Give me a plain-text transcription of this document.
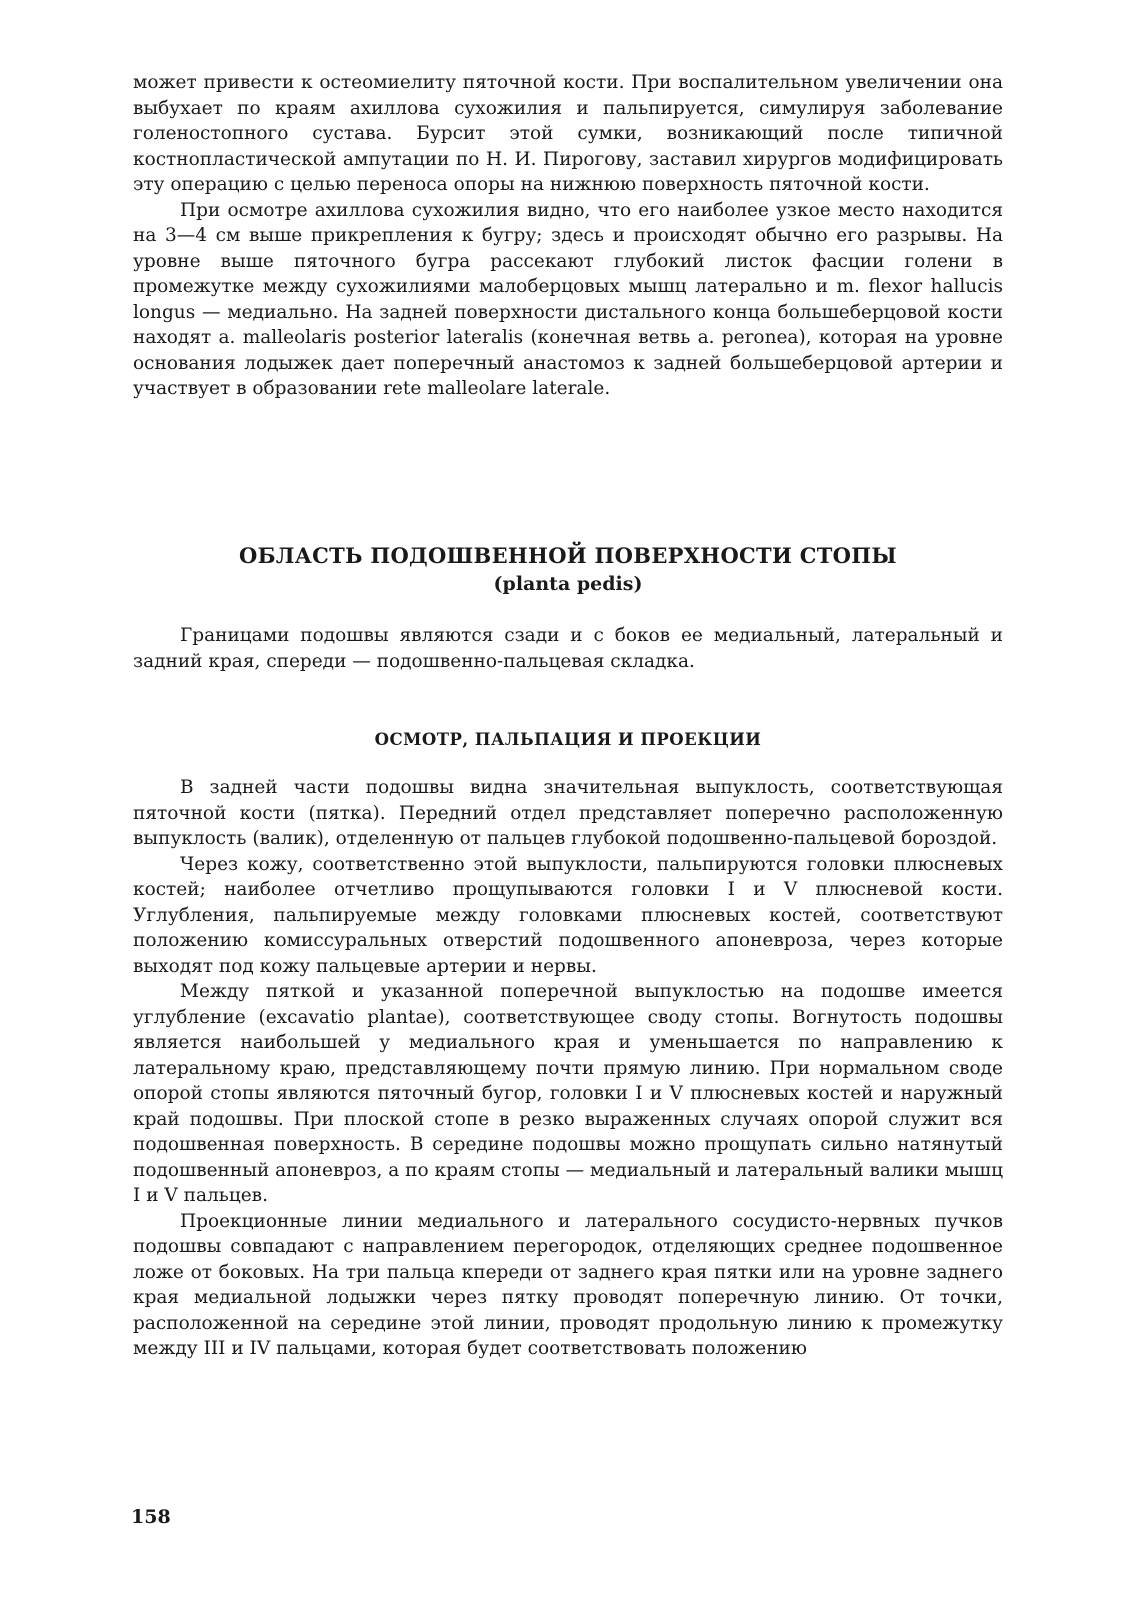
может привести к остеомиелиту пяточной кости. При воспалительном увеличении она выбухает по краям ахиллова сухожилия и пальпируется, симулируя заболевание голеностопного сустава. Бурсит этой сумки, возникающий после типичной костнопластической ампутации по Н. И. Пирогову, заставил хирургов модифицировать эту операцию с целью переноса опоры на нижнюю поверхность пяточной кости.

При осмотре ахиллова сухожилия видно, что его наиболее узкое место находится на 3—4 см выше прикрепления к бугру; здесь и происходят обычно его разрывы. На уровне выше пяточного бугра рассекают глубокий листок фасции голени в промежутке между сухожилиями малоберцовых мышц латерально и m. flexor hallucis longus — медиально. На задней поверхности дистального конца большеберцовой кости находят a. malleolaris posterior lateralis (конечная ветвь a. peronea), которая на уровне основания лодыжек дает поперечный анастомоз к задней большеберцовой артерии и участвует в образовании rete malleolare laterale.

ОБЛАСТЬ ПОДОШВЕННОЙ ПОВЕРХНОСТИ СТОПЫ
(planta pedis)

Границами подошвы являются сзади и с боков ее медиальный, латеральный и задний края, спереди — подошвенно-пальцевая складка.

ОСМОТР, ПАЛЬПАЦИЯ И ПРОЕКЦИИ

В задней части подошвы видна значительная выпуклость, соответствующая пяточной кости (пятка). Передний отдел представляет поперечно расположенную выпуклость (валик), отделенную от пальцев глубокой подошвенно-пальцевой бороздой.

Через кожу, соответственно этой выпуклости, пальпируются головки плюсневых костей; наиболее отчетливо прощупываются головки I и V плюсневой кости. Углубления, пальпируемые между головками плюсневых костей, соответствуют положению комиссуральных отверстий подошвенного апоневроза, через которые выходят под кожу пальцевые артерии и нервы.

Между пяткой и указанной поперечной выпуклостью на подошве имеется углубление (excavatio plantae), соответствующее своду стопы. Вогнутость подошвы является наибольшей у медиального края и уменьшается по направлению к латеральному краю, представляющему почти прямую линию. При нормальном своде опорой стопы являются пяточный бугор, головки I и V плюсневых костей и наружный край подошвы. При плоской стопе в резко выраженных случаях опорой служит вся подошвенная поверхность. В середине подошвы можно прощупать сильно натянутый подошвенный апоневроз, а по краям стопы — медиальный и латеральный валики мышц I и V пальцев.

Проекционные линии медиального и латерального сосудисто-нервных пучков подошвы совпадают с направлением перегородок, отделяющих среднее подошвенное ложе от боковых. На три пальца кпереди от заднего края пятки или на уровне заднего края медиальной лодыжки через пятку проводят поперечную линию. От точки, расположенной на середине этой линии, проводят продольную линию к промежутку между III и IV пальцами, которая будет соответствовать положению

158
